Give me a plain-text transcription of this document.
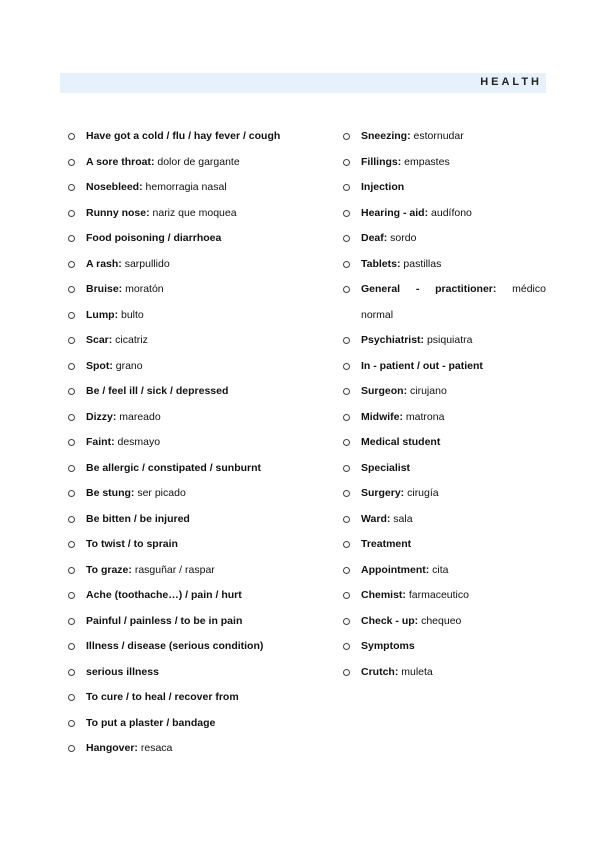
HEALTH
Have got a cold / flu / hay fever / cough
A sore throat: dolor de gargante
Nosebleed: hemorragia nasal
Runny nose: nariz que moquea
Food poisoning / diarrhoea
A rash: sarpullido
Bruise: moratón
Lump: bulto
Scar: cicatriz
Spot: grano
Be / feel ill / sick / depressed
Dizzy: mareado
Faint: desmayo
Be allergic / constipated / sunburnt
Be stung: ser picado
Be bitten / be injured
To twist / to sprain
To graze: rasguñar / raspar
Ache (toothache…) / pain / hurt
Painful / painless / to be in pain
Illness / disease (serious condition)
serious illness
To cure / to heal / recover from
To put a plaster / bandage
Hangover: resaca
Sneezing: estornudar
Fillings: empastes
Injection
Hearing - aid: audífono
Deaf: sordo
Tablets: pastillas
General - practitioner: médico
normal
Psychiatrist: psiquiatra
In - patient / out - patient
Surgeon: cirujano
Midwife: matrona
Medical student
Specialist
Surgery: cirugía
Ward: sala
Treatment
Appointment: cita
Chemist: farmaceutico
Check - up: chequeo
Symptoms
Crutch: muleta
